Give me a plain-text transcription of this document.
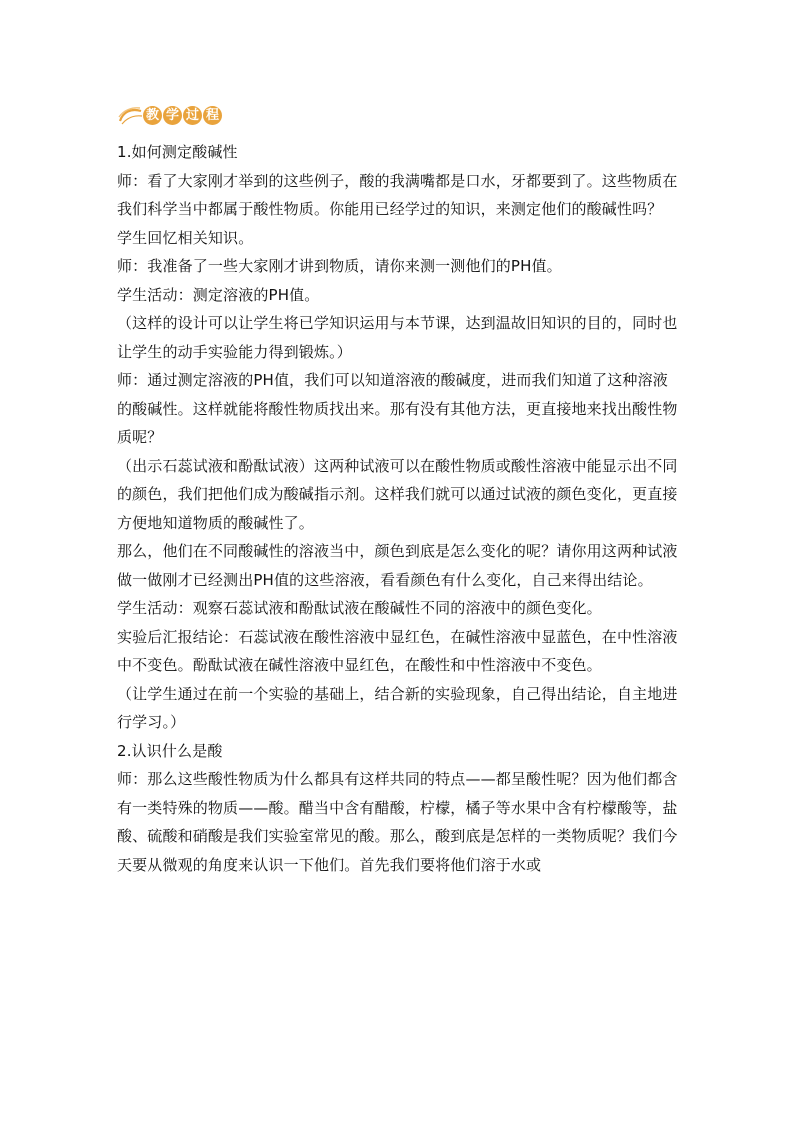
教 学 过 程

1.如何测定酸碱性

师：看了大家刚才举到的这些例子，酸的我满嘴都是口水，牙都要到了。这些物质在我们科学当中都属于酸性物质。你能用已经学过的知识，来测定他们的酸碱性吗？

学生回忆相关知识。

师：我准备了一些大家刚才讲到物质，请你来测一测他们的PH值。

学生活动：测定溶液的PH值。

（这样的设计可以让学生将已学知识运用与本节课，达到温故旧知识的目的，同时也让学生的动手实验能力得到锻炼。）

师：通过测定溶液的PH值，我们可以知道溶液的酸碱度，进而我们知道了这种溶液的酸碱性。这样就能将酸性物质找出来。那有没有其他方法，更直接地来找出酸性物质呢？

（出示石蕊试液和酚酞试液）这两种试液可以在酸性物质或酸性溶液中能显示出不同的颜色，我们把他们成为酸碱指示剂。这样我们就可以通过试液的颜色变化，更直接方便地知道物质的酸碱性了。

那么，他们在不同酸碱性的溶液当中，颜色到底是怎么变化的呢？请你用这两种试液做一做刚才已经测出PH值的这些溶液，看看颜色有什么变化，自己来得出结论。

学生活动：观察石蕊试液和酚酞试液在酸碱性不同的溶液中的颜色变化。

实验后汇报结论：石蕊试液在酸性溶液中显红色，在碱性溶液中显蓝色，在中性溶液中不变色。酚酞试液在碱性溶液中显红色，在酸性和中性溶液中不变色。

（让学生通过在前一个实验的基础上，结合新的实验现象，自己得出结论，自主地进行学习。）

2.认识什么是酸

师：那么这些酸性物质为什么都具有这样共同的特点——都呈酸性呢？因为他们都含有一类特殊的物质——酸。醋当中含有醋酸，柠檬，橘子等水果中含有柠檬酸等，盐酸、硫酸和硝酸是我们实验室常见的酸。那么，酸到底是怎样的一类物质呢？我们今天要从微观的角度来认识一下他们。首先我们要将他们溶于水或
